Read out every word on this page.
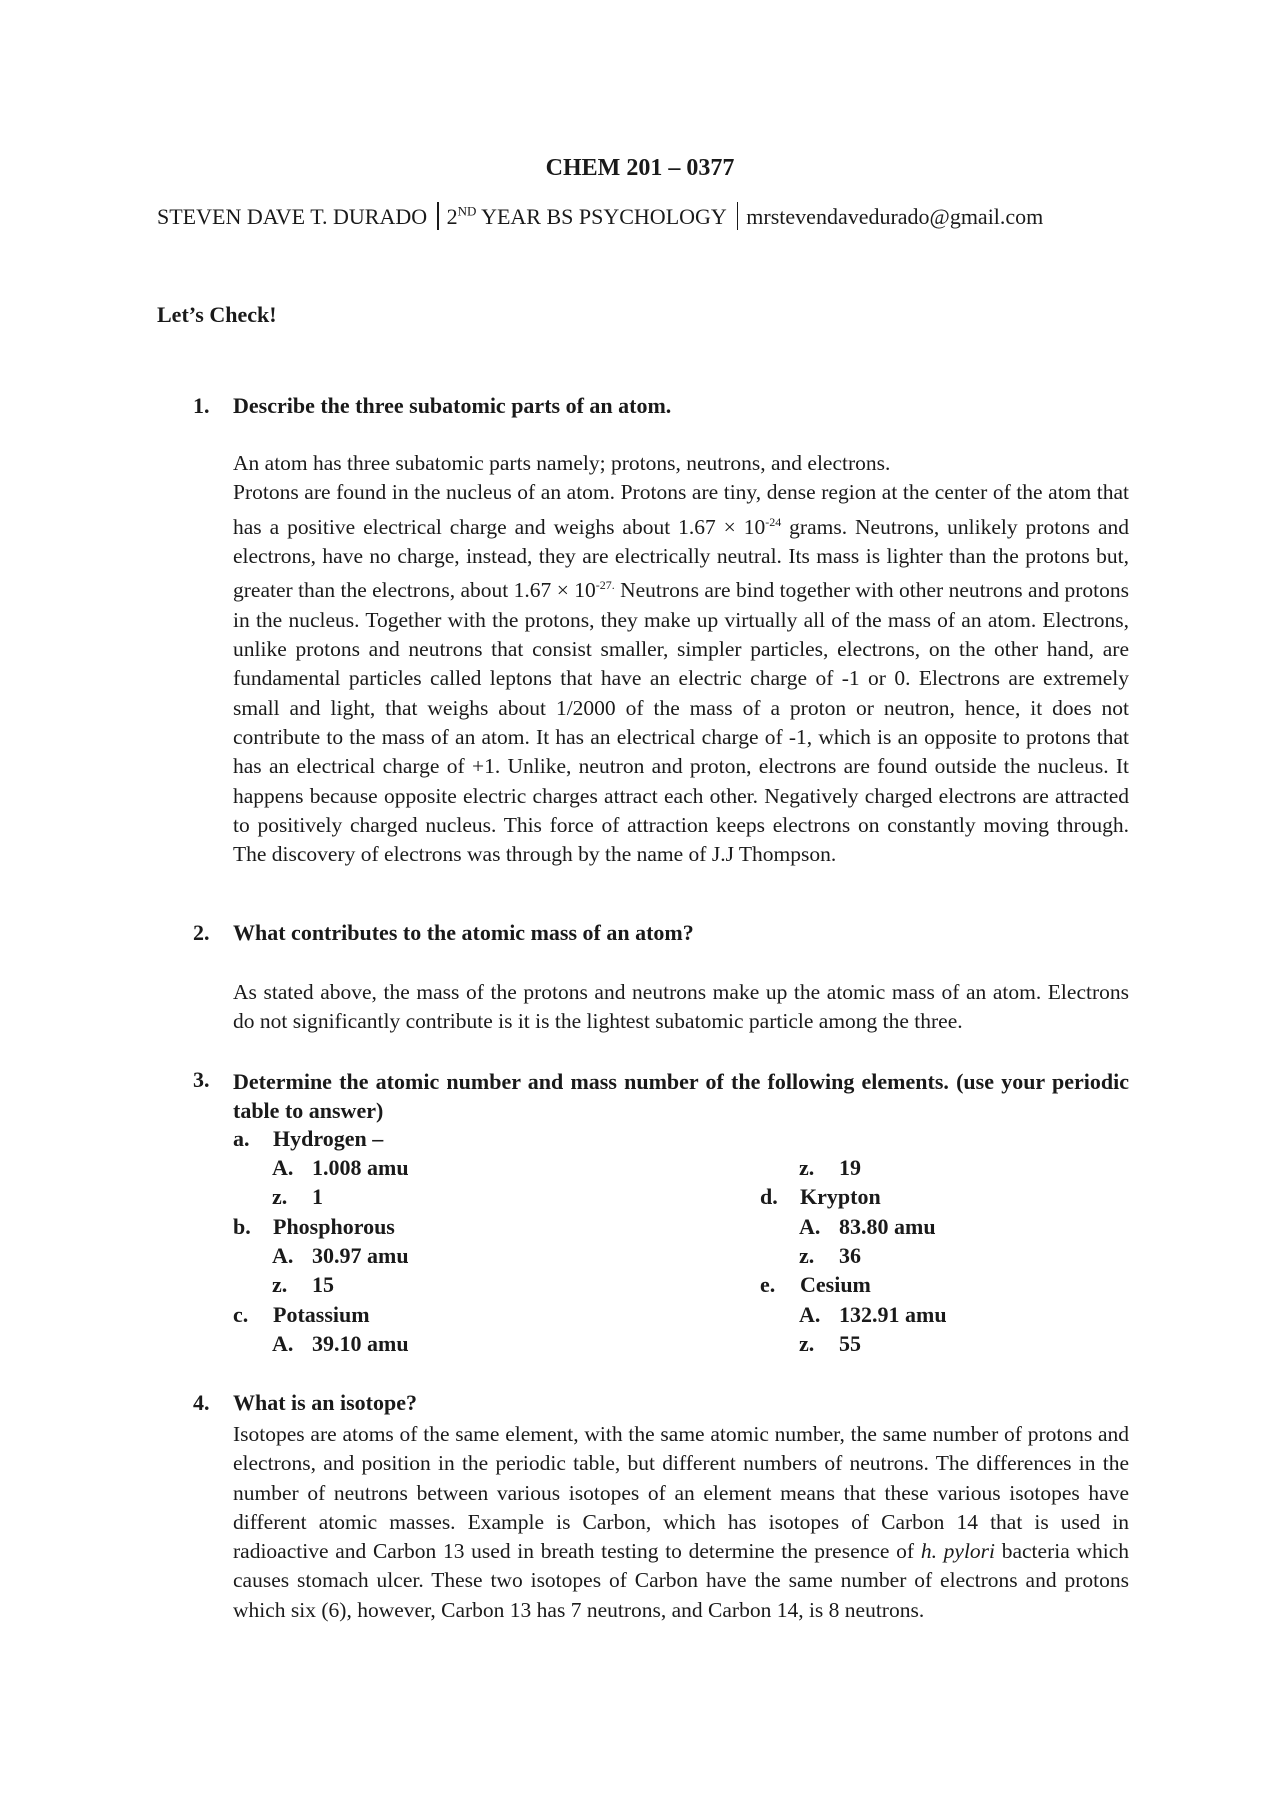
CHEM 201 – 0377
STEVEN DAVE T. DURADO 2ND YEAR BS PSYCHOLOGY mrstevendavedurado@gmail.com
Let’s Check!
1. Describe the three subatomic parts of an atom.

An atom has three subatomic parts namely; protons, neutrons, and electrons.

Protons are found in the nucleus of an atom. Protons are tiny, dense region at the center of the atom that has a positive electrical charge and weighs about $1.67 \times 10^{-24}$ grams. Neutrons, unlikely protons and electrons, have no charge, instead, they are electrically neutral. Its mass is lighter than the protons but, greater than the electrons, about $1.67 \times 10^{-27.}$ Neutrons are bind together with other neutrons and protons in the nucleus. Together with the protons, they make up virtually all of the mass of an atom. Electrons, unlike protons and neutrons that consist smaller, simpler particles, electrons, on the other hand, are fundamental particles called leptons that have an electric charge of -1 or 0. Electrons are extremely small and light, that weighs about 1/2000 of the mass of a proton or neutron, hence, it does not contribute to the mass of an atom. It has an electrical charge of -1, which is an opposite to protons that has an electrical charge of +1. Unlike, neutron and proton, electrons are found outside the nucleus. It happens because opposite electric charges attract each other. Negatively charged electrons are attracted to positively charged nucleus. This force of attraction keeps electrons on constantly moving through. The discovery of electrons was through by the name of J.J Thompson.

2. What contributes to the atomic mass of an atom?
As stated above, the mass of the protons and neutrons make up the atomic mass of an atom. Electrons do not significantly contribute is it is the lightest subatomic particle among the three.
3. Determine the atomic number and mass number of the following elements. (use your periodic table to answer)
a. Hydrogen –
A. 1.008 amu
z. 1
b. Phosphorous
A. 30.97 amu
z. 15
c. Potassium
A. 39.10 amu
z. 19
d. Krypton
A. 83.80 amu
z. 36
e. Cesium
A. 132.91 amu
z. 55
4. What is an isotope?

Isotopes are atoms of the same element, with the same atomic number, the same number of protons and electrons, and position in the periodic table, but different numbers of neutrons. The differences in the number of neutrons between various isotopes of an element means that these various isotopes have different atomic masses. Example is Carbon, which has isotopes of Carbon 14 that is used in radioactive and Carbon 13 used in breath testing to determine the presence of h. pylori bacteria which causes stomach ulcer. These two isotopes of Carbon have the same number of electrons and protons which six (6), however, Carbon 13 has 7 neutrons, and Carbon 14, is 8 neutrons.
